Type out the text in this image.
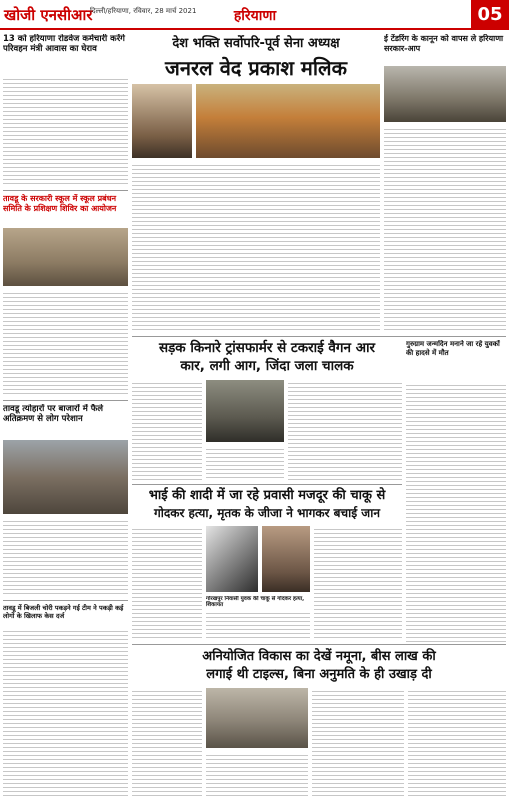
खोजी एनसीआर
दिल्ली/हरियाणा, रविवार, 28 मार्च 2021	हरियाणा	05
13 को हरियाणा रोडवेज कर्मचारी करेंगे परिवहन मंत्री आवास का घेराव
तावडू के सरकारी स्कूल में स्कूल प्रबंधन समिति के प्रशिक्षण शिविर का आयोजन
तावडू त्योहारों पर बाजारों में फैले अतिक्रमण से लोग परेशान
तावडू में बिजली चोरी पकड़ने गई टीम ने पकड़ी कई लोगों के खिलाफ केस दर्ज
देश भक्ति सर्वोपरि-पूर्व सेना अध्यक्ष
जनरल वेद प्रकाश मलिक
ई टेंडरिंग के कानून को वापस ले हरियाणा सरकार-आप
सड़क किनारे ट्रांसफार्मर से टकराई वैगन आर
कार, लगी आग, जिंदा जला चालक
गुरुग्राम जन्मदिन मनाने जा रहे युवकों की हादसे में मौत
भाई की शादी में जा रहे प्रवासी मजदूर की चाकू से
गोदकर हत्या, मृतक के जीजा ने भागकर बचाई जान
गोरखपुर निवासी युवक की चाकू से गोदकर हत्या, शिकायत
अनियोजित विकास का देखें नमूना, बीस लाख की
लगाई थी टाइल्स, बिना अनुमति के ही उखाड़ दी
